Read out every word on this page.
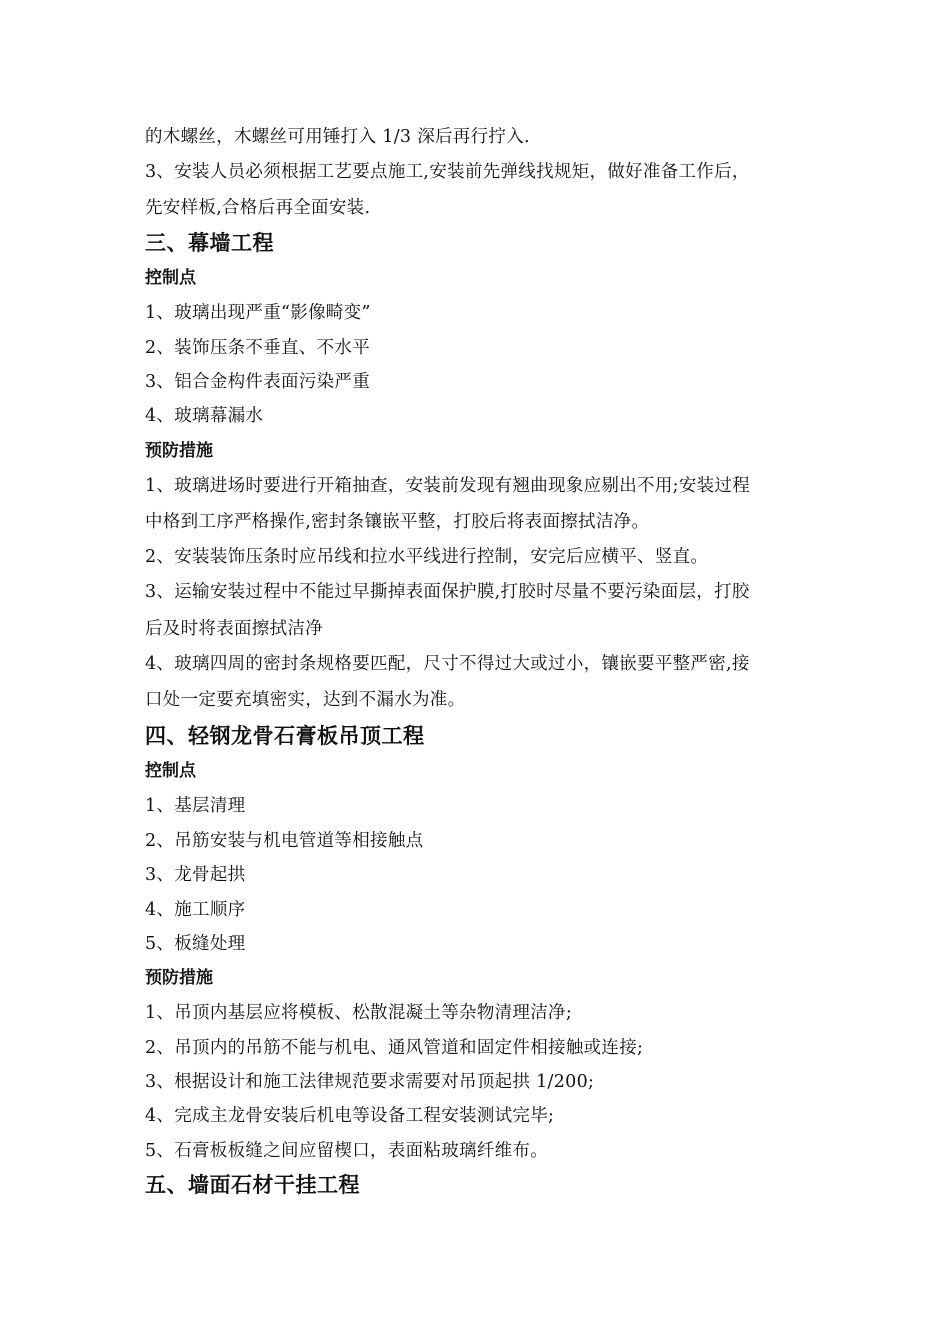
的木螺丝，木螺丝可用锤打入 1/3 深后再行拧入.
3、安装人员必须根据工艺要点施工,安装前先弹线找规矩，做好准备工作后，
先安样板,合格后再全面安装.
三、幕墙工程
控制点
1、玻璃出现严重“影像畸变”
2、装饰压条不垂直、不水平
3、铝合金构件表面污染严重
4、玻璃幕漏水
预防措施
1、玻璃进场时要进行开箱抽查，安装前发现有翘曲现象应剔出不用;安装过程
中格到工序严格操作,密封条镶嵌平整，打胶后将表面擦拭洁净。
2、安装装饰压条时应吊线和拉水平线进行控制，安完后应横平、竖直。
3、运输安装过程中不能过早撕掉表面保护膜,打胶时尽量不要污染面层，打胶
后及时将表面擦拭洁净
4、玻璃四周的密封条规格要匹配，尺寸不得过大或过小，镶嵌要平整严密,接
口处一定要充填密实，达到不漏水为准。
四、轻钢龙骨石膏板吊顶工程
控制点
1、基层清理
2、吊筋安装与机电管道等相接触点
3、龙骨起拱
4、施工顺序
5、板缝处理
预防措施
1、吊顶内基层应将模板、松散混凝土等杂物清理洁净;
2、吊顶内的吊筋不能与机电、通风管道和固定件相接触或连接;
3、根据设计和施工法律规范要求需要对吊顶起拱 1/200;
4、完成主龙骨安装后机电等设备工程安装测试完毕;
5、石膏板板缝之间应留楔口，表面粘玻璃纤维布。
五、墙面石材干挂工程
